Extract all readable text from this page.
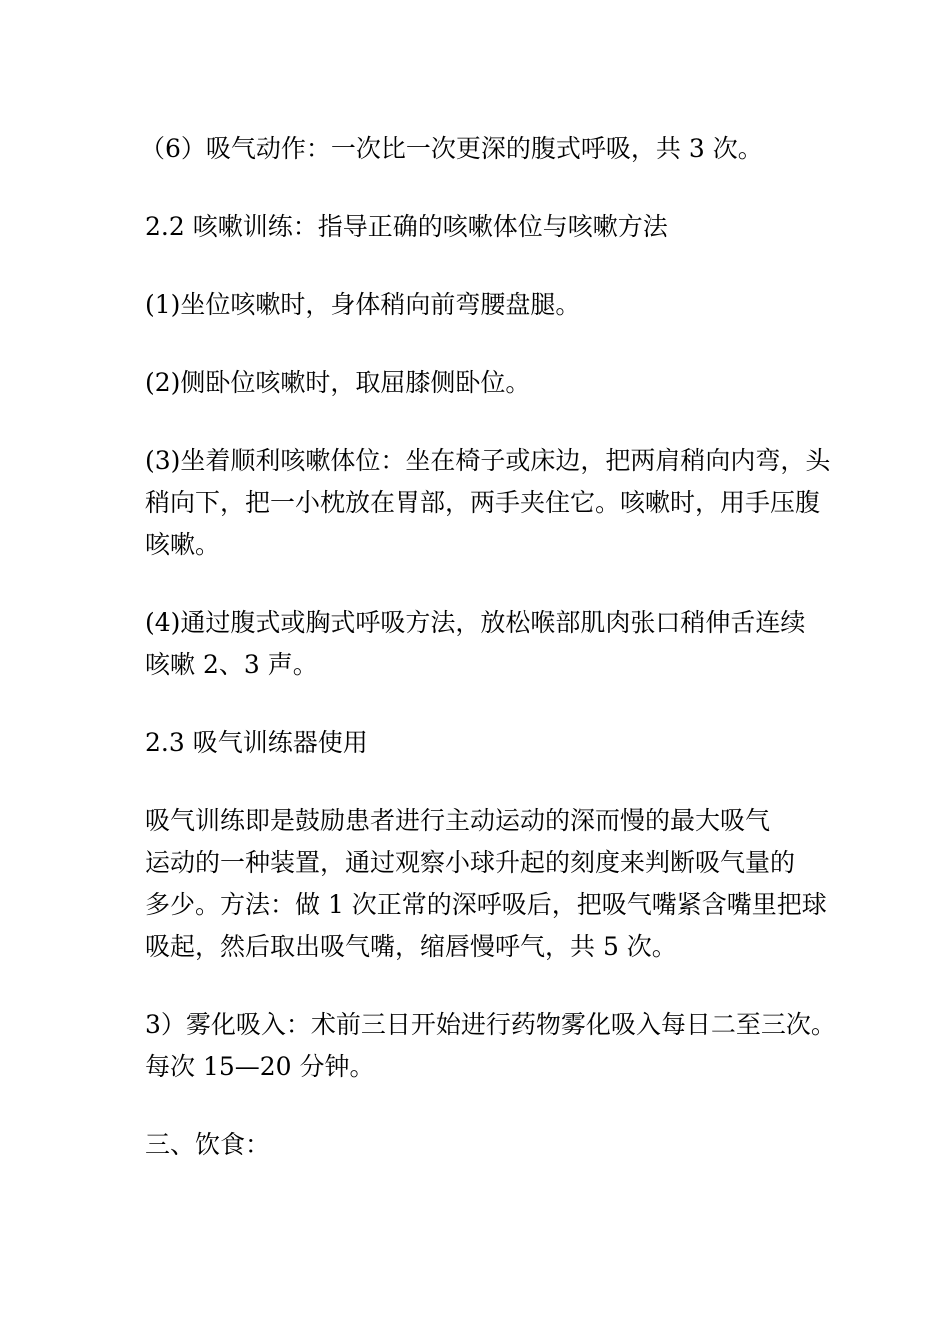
（6）吸气动作：一次比一次更深的腹式呼吸，共 3 次。

2.2 咳嗽训练：指导正确的咳嗽体位与咳嗽方法

(1)坐位咳嗽时，身体稍向前弯腰盘腿。

(2)侧卧位咳嗽时，取屈膝侧卧位。

(3)坐着顺利咳嗽体位：坐在椅子或床边，把两肩稍向内弯，头
稍向下，把一小枕放在胃部，两手夹住它。咳嗽时，用手压腹
咳嗽。

(4)通过腹式或胸式呼吸方法，放松喉部肌肉张口稍伸舌连续
咳嗽 2、3 声。

2.3 吸气训练器使用

吸气训练即是鼓励患者进行主动运动的深而慢的最大吸气
运动的一种装置，通过观察小球升起的刻度来判断吸气量的
多少。方法：做 1 次正常的深呼吸后，把吸气嘴紧含嘴里把球
吸起，然后取出吸气嘴，缩唇慢呼气，共 5 次。

3）雾化吸入：术前三日开始进行药物雾化吸入每日二至三次。
每次 15—20 分钟。

三、饮食：
